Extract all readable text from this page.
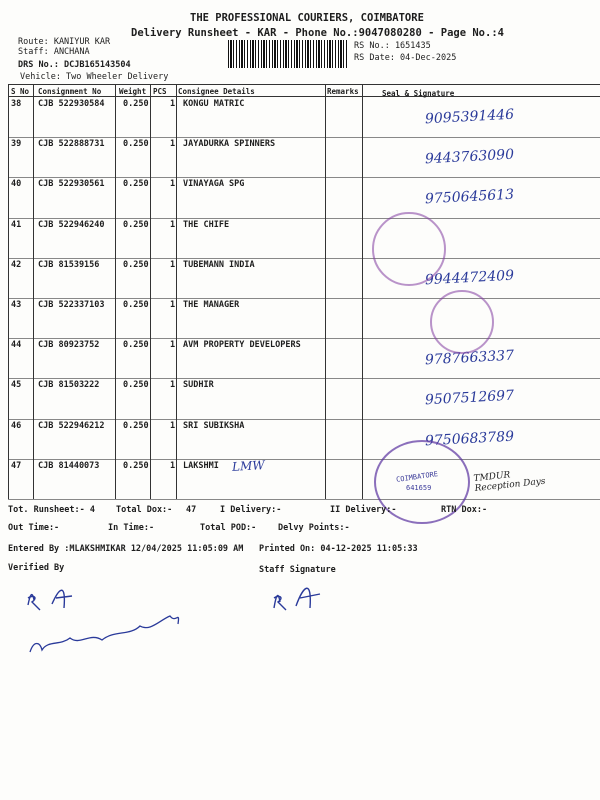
THE PROFESSIONAL COURIERS, COIMBATORE
Delivery Runsheet - KAR - Phone No.:9047080280 - Page No.:4
Route: KANIYUR KAR
Staff: ANCHANA
DRS No.: DCJB165143504
Vehicle: Two Wheeler Delivery
RS No.: 1651435
RS Date: 04-Dec-2025
S No Consignment No Weight PCS Consignee Details	Remarks	Seal & Signature
38 CJB 522930584 0.250	1 KONGU MATRIC
9095391446
39 CJB 522888731 0.250	1 JAYADURKA SPINNERS
9443763090
40 CJB 522930561 0.250	1 VINAYAGA SPG
9750645613
41 CJB 522946240 0.250	1 THE CHIFE
42 CJB 81539156	0.250	1 TUBEMANN INDIA
9944472409
43 CJB 522337103 0.250	1 THE MANAGER
44 CJB 80923752	0.250	1 AVM PROPERTY DEVELOPERS
9787663337
45 CJB 81503222	0.250	1 SUDHIR
9507512697
46 CJB 522946212 0.250	1 SRI SUBIKSHA
9750683789
47 CJB 81440073	0.250	1 LAKSHMI LMW
COIMBATORE
641659
TMDUR Reception Days
Tot. Runsheet:- 4 Total Dox:- 47	I Delivery:-	II Delivery:-	RTN Dox:-
Out Time:-	In Time:-	Total POD:-	Delvy Points:-
Entered By :MLAKSHMIKAR 12/04/2025 11:05:09 AM Printed On: 04-12-2025 11:05:33
Verified By	Staff Signature
